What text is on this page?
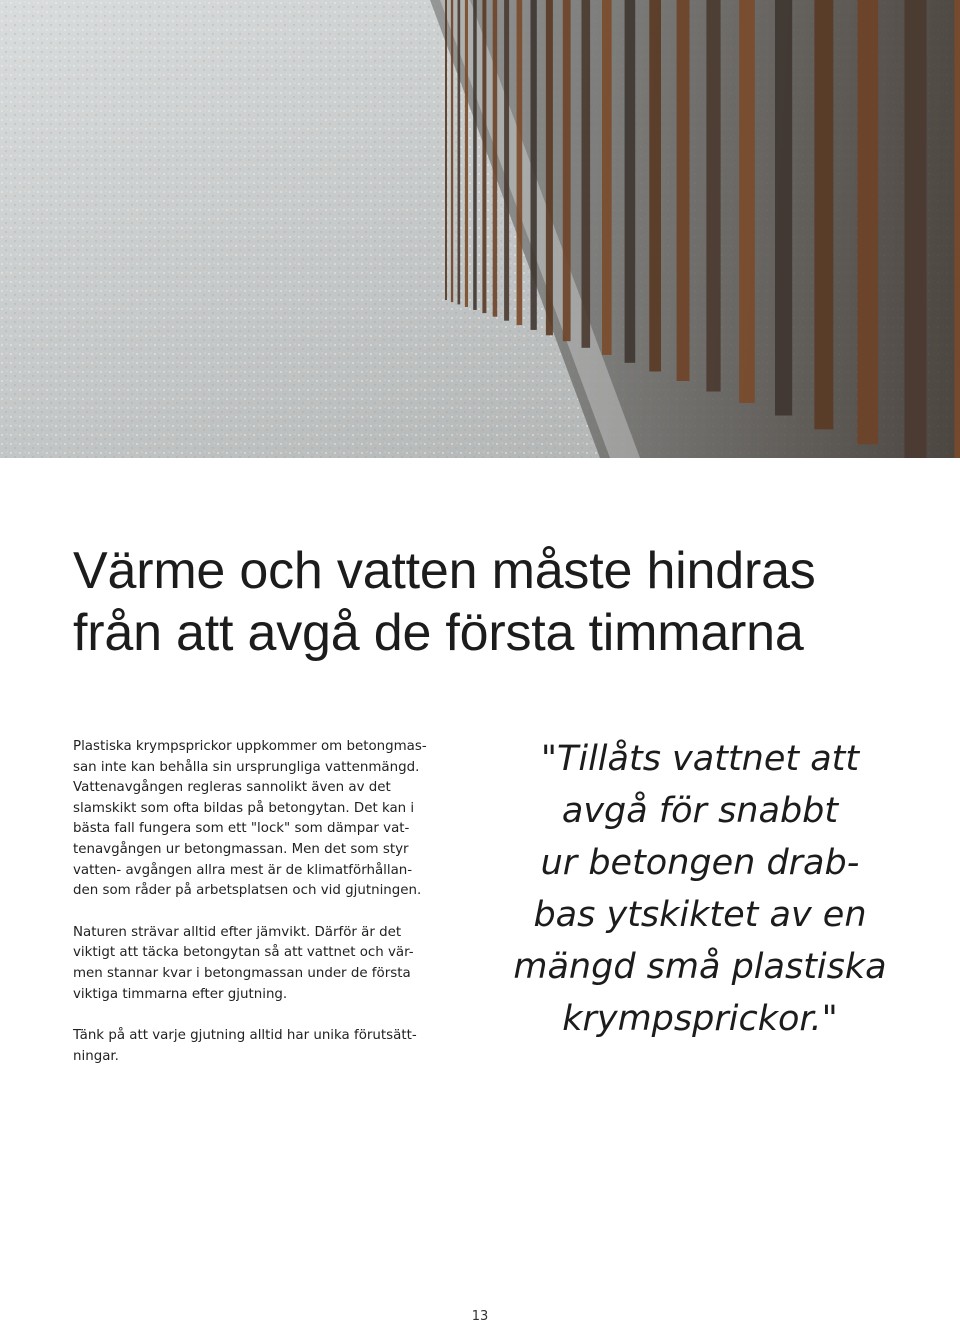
Värme och vatten måste hindras
från att avgå de första timmarna

Plastiska krympsprickor uppkommer om betongmas-
san inte kan behålla sin ursprungliga vattenmängd.
Vattenavgången regleras sannolikt även av det
slamskikt som ofta bildas på betongytan. Det kan i
bästa fall fungera som ett "lock" som dämpar vat-
tenavgången ur betongmassan. Men det som styr
vatten- avgången allra mest är de klimatförhållan-
den som råder på arbetsplatsen och vid gjutningen.

Naturen strävar alltid efter jämvikt. Därför är det
viktigt att täcka betongytan så att vattnet och vär-
men stannar kvar i betongmassan under de första
viktiga timmarna efter gjutning.

Tänk på att varje gjutning alltid har unika förutsätt-
ningar.

"Tillåts vattnet att
avgå för snabbt
ur betongen drab-
bas ytskiktet av en
mängd små plastiska
krympsprickor."
13
